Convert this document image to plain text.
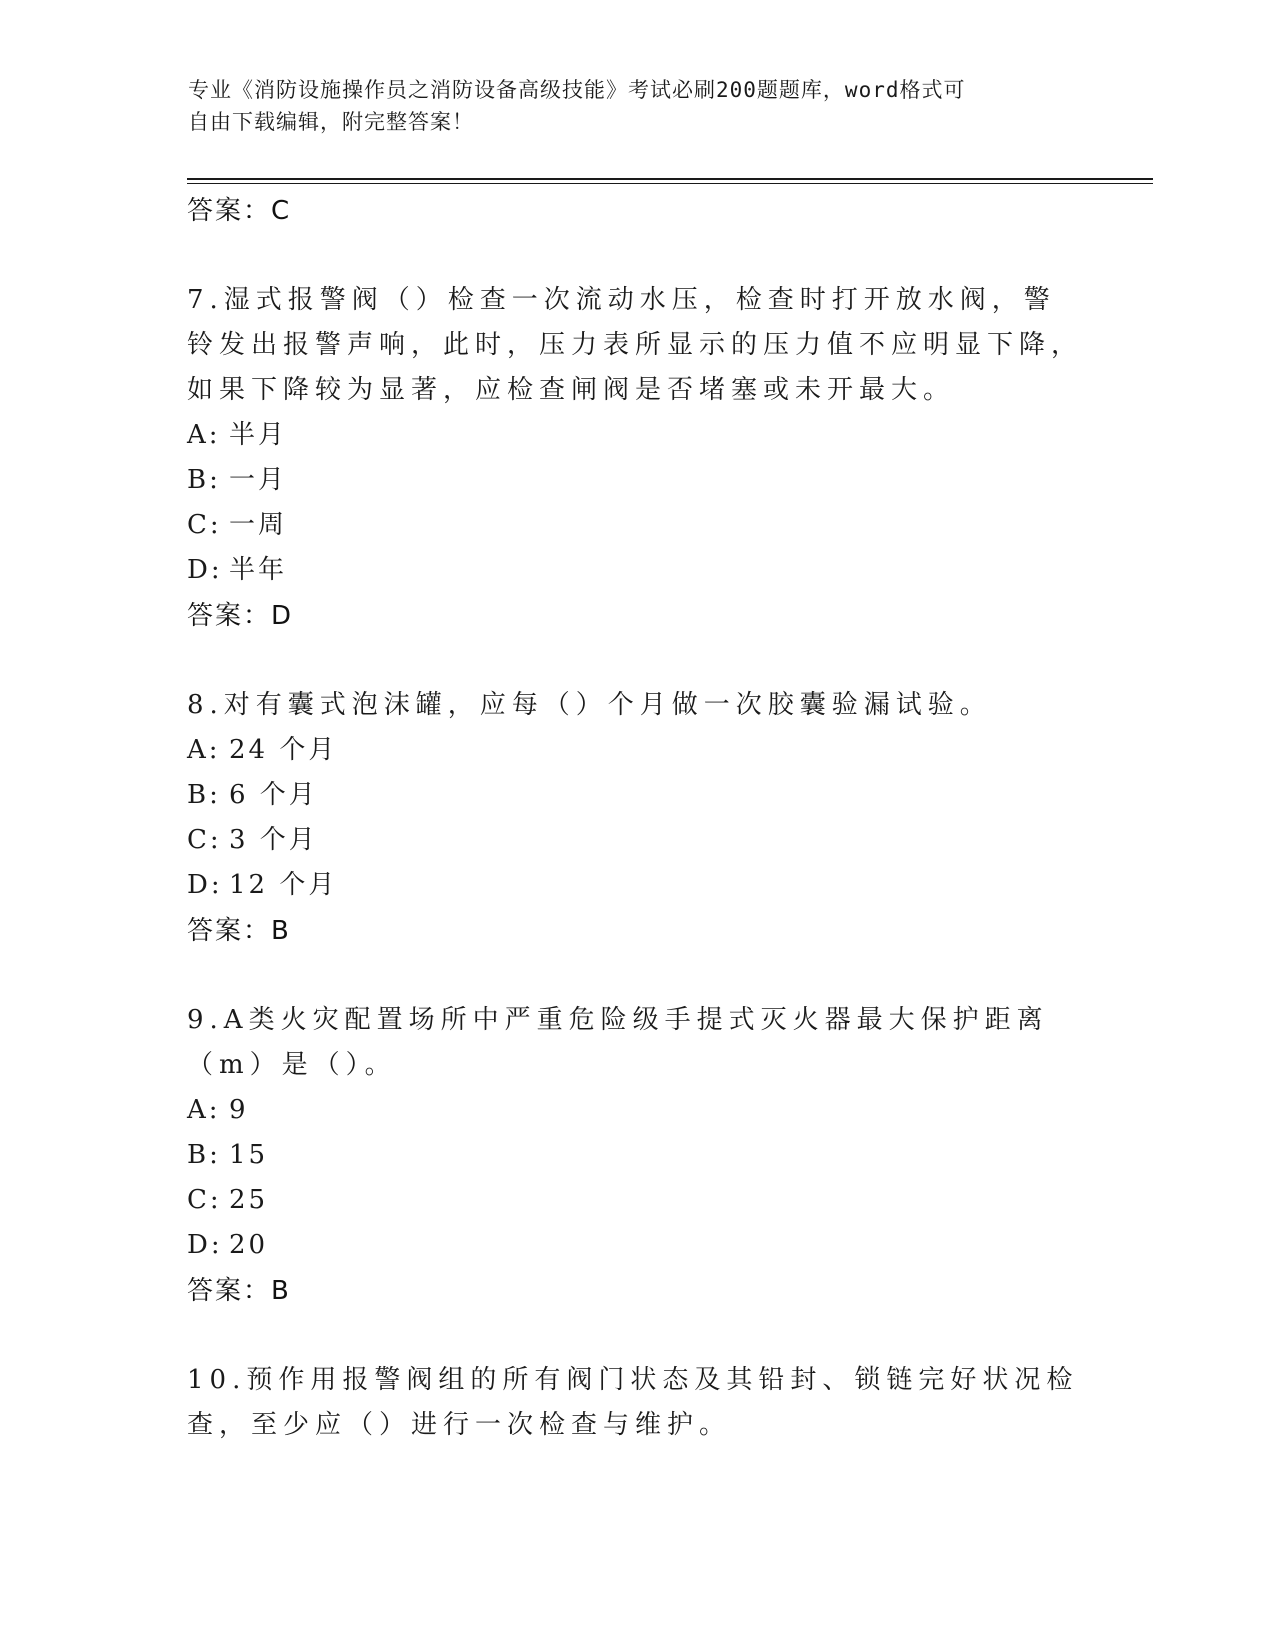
专业《消防设施操作员之消防设备高级技能》考试必刷200题题库，word格式可
自由下载编辑，附完整答案！
答案：C
7.湿式报警阀（）检查一次流动水压，检查时打开放水阀，警铃发出报警声响，此时，压力表所显示的压力值不应明显下降，如果下降较为显著，应检查闸阀是否堵塞或未开最大。
A: 半月
B: 一月
C: 一周
D: 半年
答案：D
8.对有囊式泡沫罐，应每（）个月做一次胶囊验漏试验。
A: 24 个月
B: 6 个月
C: 3 个月
D: 12 个月
答案：B
9.A类火灾配置场所中严重危险级手提式灭火器最大保护距离（m）是（）。
A: 9
B: 15
C: 25
D: 20
答案：B
10.预作用报警阀组的所有阀门状态及其铅封、锁链完好状况检查，至少应（）进行一次检查与维护。
